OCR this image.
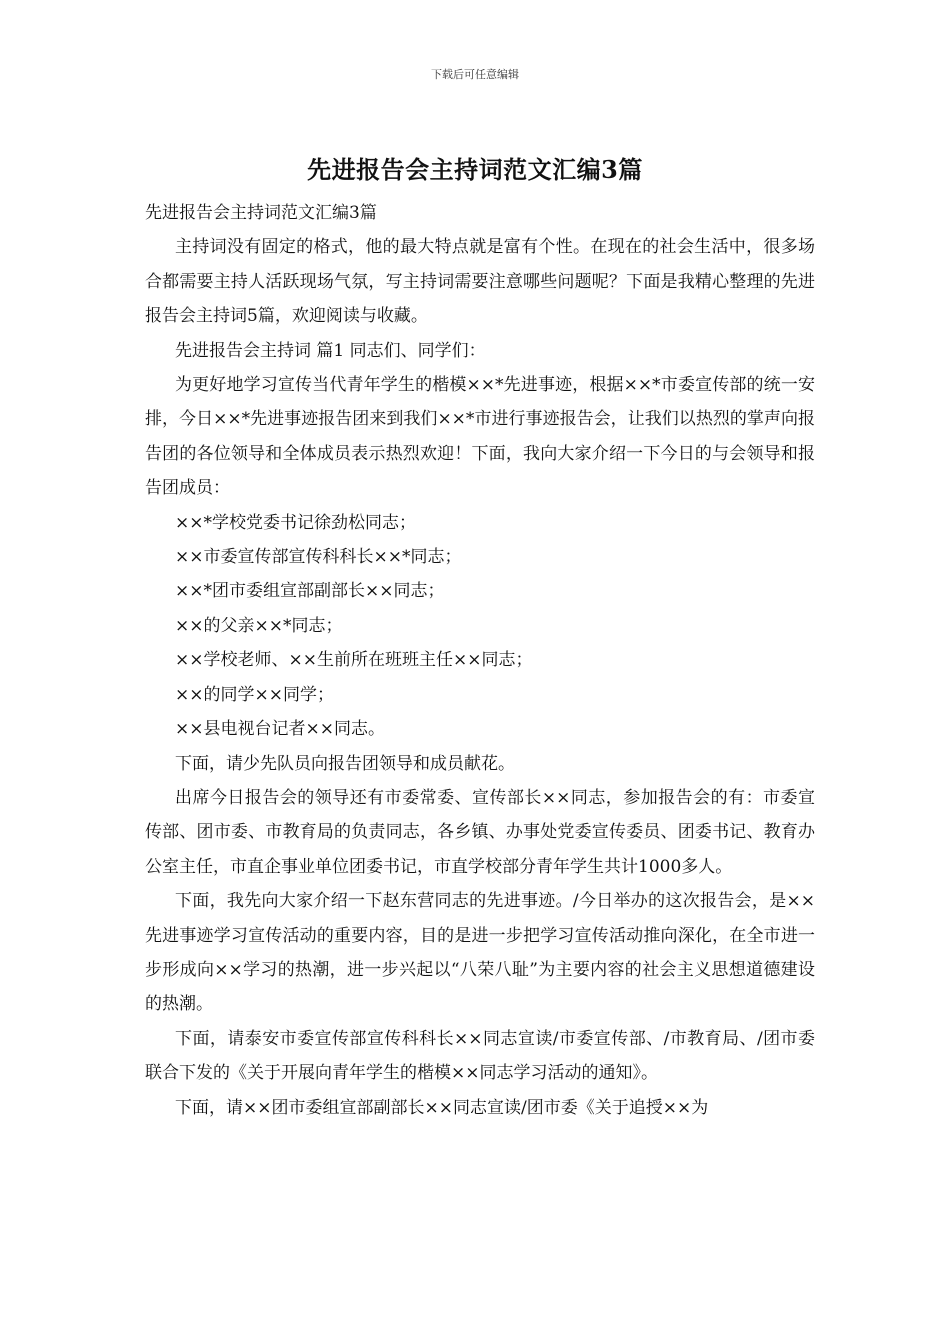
下载后可任意编辑
先进报告会主持词范文汇编3篇

先进报告会主持词范文汇编3篇

主持词没有固定的格式，他的最大特点就是富有个性。在现在的社会生活中，很多场合都需要主持人活跃现场气氛，写主持词需要注意哪些问题呢？下面是我精心整理的先进报告会主持词5篇，欢迎阅读与收藏。

先进报告会主持词 篇1 同志们、同学们：

为更好地学习宣传当代青年学生的楷模××*先进事迹，根据××*市委宣传部的统一安排，今日××*先进事迹报告团来到我们××*市进行事迹报告会，让我们以热烈的掌声向报告团的各位领导和全体成员表示热烈欢迎！下面，我向大家介绍一下今日的与会领导和报告团成员：

××*学校党委书记徐劲松同志；

××市委宣传部宣传科科长××*同志；

××*团市委组宣部副部长××同志；

××的父亲××*同志；

××学校老师、××生前所在班班主任××同志；

××的同学××同学；

××县电视台记者××同志。

下面，请少先队员向报告团领导和成员献花。

出席今日报告会的领导还有市委常委、宣传部长××同志，参加报告会的有：市委宣传部、团市委、市教育局的负责同志，各乡镇、办事处党委宣传委员、团委书记、教育办公室主任，市直企事业单位团委书记，市直学校部分青年学生共计1000多人。

下面，我先向大家介绍一下赵东营同志的先进事迹。/今日举办的这次报告会，是××先进事迹学习宣传活动的重要内容，目的是进一步把学习宣传活动推向深化，在全市进一步形成向××学习的热潮，进一步兴起以“八荣八耻”为主要内容的社会主义思想道德建设的热潮。

下面，请泰安市委宣传部宣传科科长××同志宣读/市委宣传部、/市教育局、/团市委联合下发的《关于开展向青年学生的楷模××同志学习活动的通知》。

下面，请××团市委组宣部副部长××同志宣读/团市委《关于追授××为
